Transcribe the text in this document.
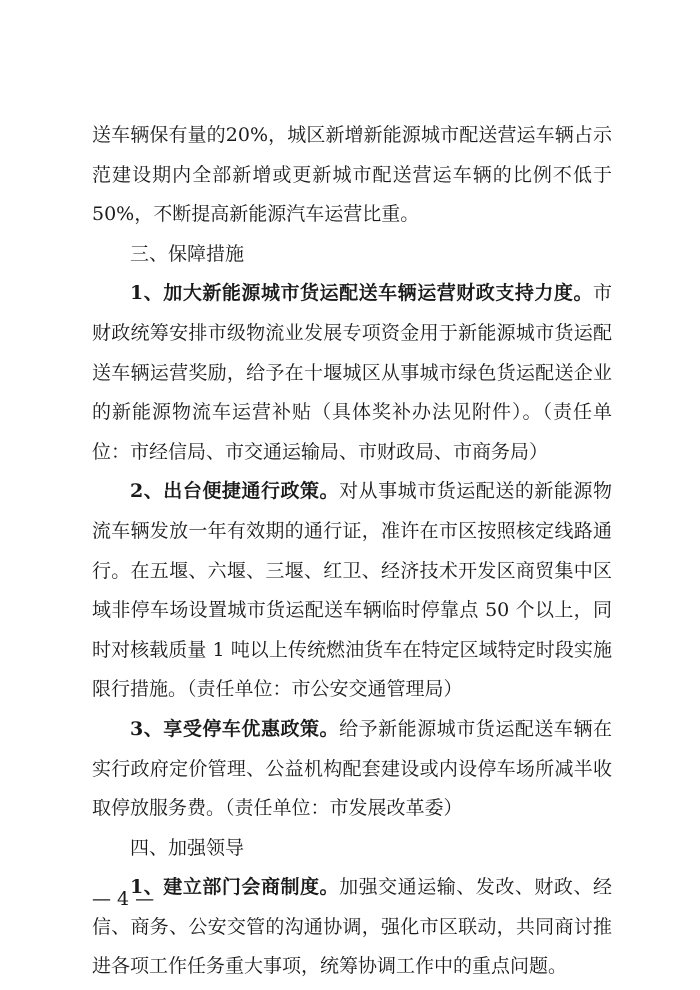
送车辆保有量的20%，城区新增新能源城市配送营运车辆占示范建设期内全部新增或更新城市配送营运车辆的比例不低于50%，不断提高新能源汽车运营比重。

三、保障措施

1、加大新能源城市货运配送车辆运营财政支持力度。市财政统筹安排市级物流业发展专项资金用于新能源城市货运配送车辆运营奖励，给予在十堰城区从事城市绿色货运配送企业的新能源物流车运营补贴（具体奖补办法见附件）。（责任单位：市经信局、市交通运输局、市财政局、市商务局）

2、出台便捷通行政策。对从事城市货运配送的新能源物流车辆发放一年有效期的通行证，准许在市区按照核定线路通行。在五堰、六堰、三堰、红卫、经济技术开发区商贸集中区域非停车场设置城市货运配送车辆临时停靠点 50 个以上，同时对核载质量 1 吨以上传统燃油货车在特定区域特定时段实施限行措施。（责任单位：市公安交通管理局）

3、享受停车优惠政策。给予新能源城市货运配送车辆在实行政府定价管理、公益机构配套建设或内设停车场所减半收取停放服务费。（责任单位：市发展改革委）

四、加强领导

1、建立部门会商制度。加强交通运输、发改、财政、经信、商务、公安交管的沟通协调，强化市区联动，共同商讨推进各项工作任务重大事项，统筹协调工作中的重点问题。

— 4 —
